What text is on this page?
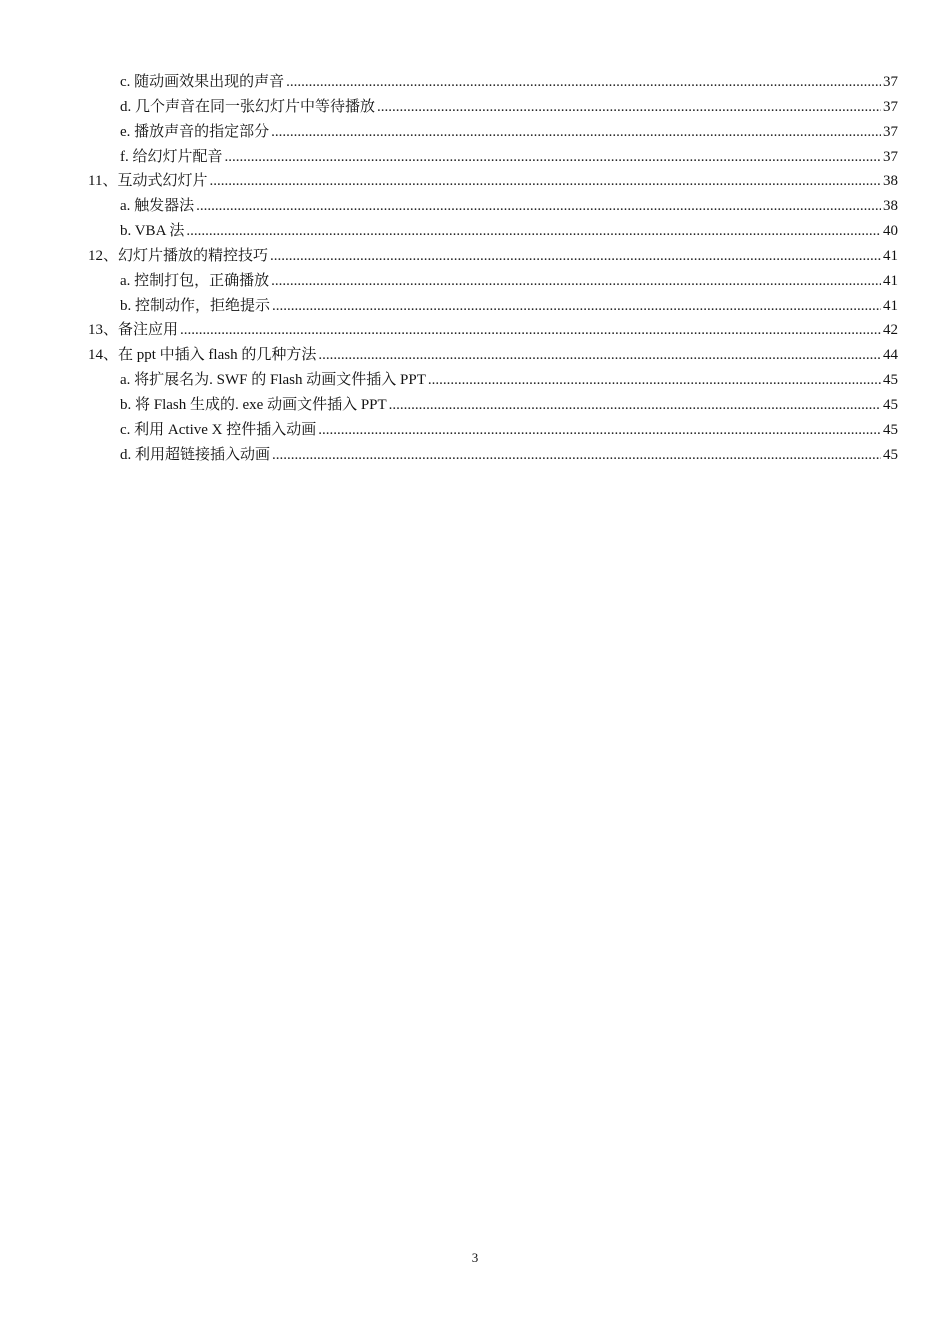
c. 随动画效果出现的声音 .....	37
d. 几个声音在同一张幻灯片中等待播放 .....	37
e. 播放声音的指定部分 .....	37
f. 给幻灯片配音 .....	37
11、互动式幻灯片 .....	38
a. 触发器法 .....	38
b. VBA 法 .....	40
12、幻灯片播放的精控技巧 .....	41
a. 控制打包，正确播放 .....	41
b. 控制动作，拒绝提示 .....	41
13、备注应用 .....	42
14、在 ppt 中插入 flash 的几种方法 .....	44
a. 将扩展名为. SWF 的 Flash 动画文件插入 PPT .....	45
b. 将 Flash 生成的. exe 动画文件插入 PPT .....	45
c. 利用 Active X 控件插入动画 .....	45
d. 利用超链接插入动画 .....	45
3
